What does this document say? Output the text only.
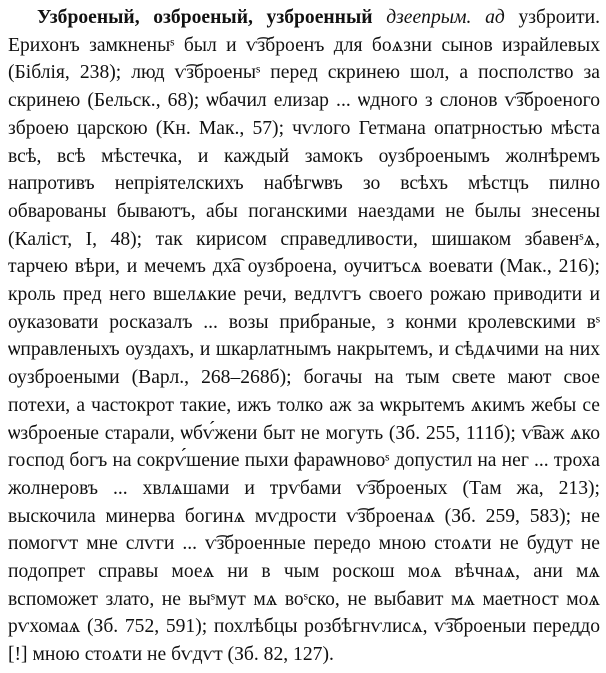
Узброеный, озброеный, узброенный дзеепрым. ад узброити. Ерихонъ замкненыˢ был и ѵ͡зброенъ для боѧзни сынов израйлевых (Біблія, 238); люд ѵ͡зброеныˢ перед скринею шол, а посполство за скринею (Бельск., 68); ѡбачил елизар ... ѡдного з слонов ѵ͡зброеного зброею царскою (Кн. Мак., 57); чѵлого Гетмана опатрностью мѣста всѣ, всѣ мѣстечка, и каждый замокъ оузброенымъ жолнѣремъ напротивъ непріятелскихъ набѣгѡвъ зо всѣхъ мѣстцъ пилно обварованы бываютъ, абы поганскими наездами не былы знесены (Каліст, I, 48); так кирисом справедливости, шишаком збавенˢѧ, тарчею вѣри, и мечемъ дх͡а оузброена, оучитъсѧ воевати (Мак., 216); кроль пред него вшелѧкие речи, ведлѵгъ своего рожаю приводити и оуказовати росказалъ ... возы прибраные, з конми кролевскими вˢ ѡправленыхъ оуздахъ, и шкарлатнымъ накрытемъ, и сѣдѧчими на них оузброеными (Варл., 268–268б); богачы на тым свете мают свое потехи, а частокрот такие, ижъ толко аж за ѡкрытемъ ѧкимъ жебы се ѡзброеные старали, ѡбѵ́жени быт не могуть (Зб. 255, 111б); ѵ͡важ ѧко господ богъ на сокрѵ́шение пыхи фараѡновоˢ допустил на нег ... троха жолнеровъ ... хвлѧшами и трѵбами ѵ͡зброеных (Там жа, 213); выскочила минерва богинѧ мѵдрости ѵ͡зброенаѧ (Зб. 259, 583); не помогѵт мне слѵги ... ѵ͡зброенные передо мною стоѧти не будут не подопрет справы моеѧ ни в чым роскош моѧ вѣчнаѧ, ани мѧ вспоможет злато, не выˢмут мѧ воˢско, не выбавит мѧ маетност моѧ рѵхомаѧ (Зб. 752, 591); похлѣбцы розбѣгнѵлисѧ, ѵ͡зброеныи переддо [!] мною стоѧти не бѵдѵт (Зб. 82, 127).
